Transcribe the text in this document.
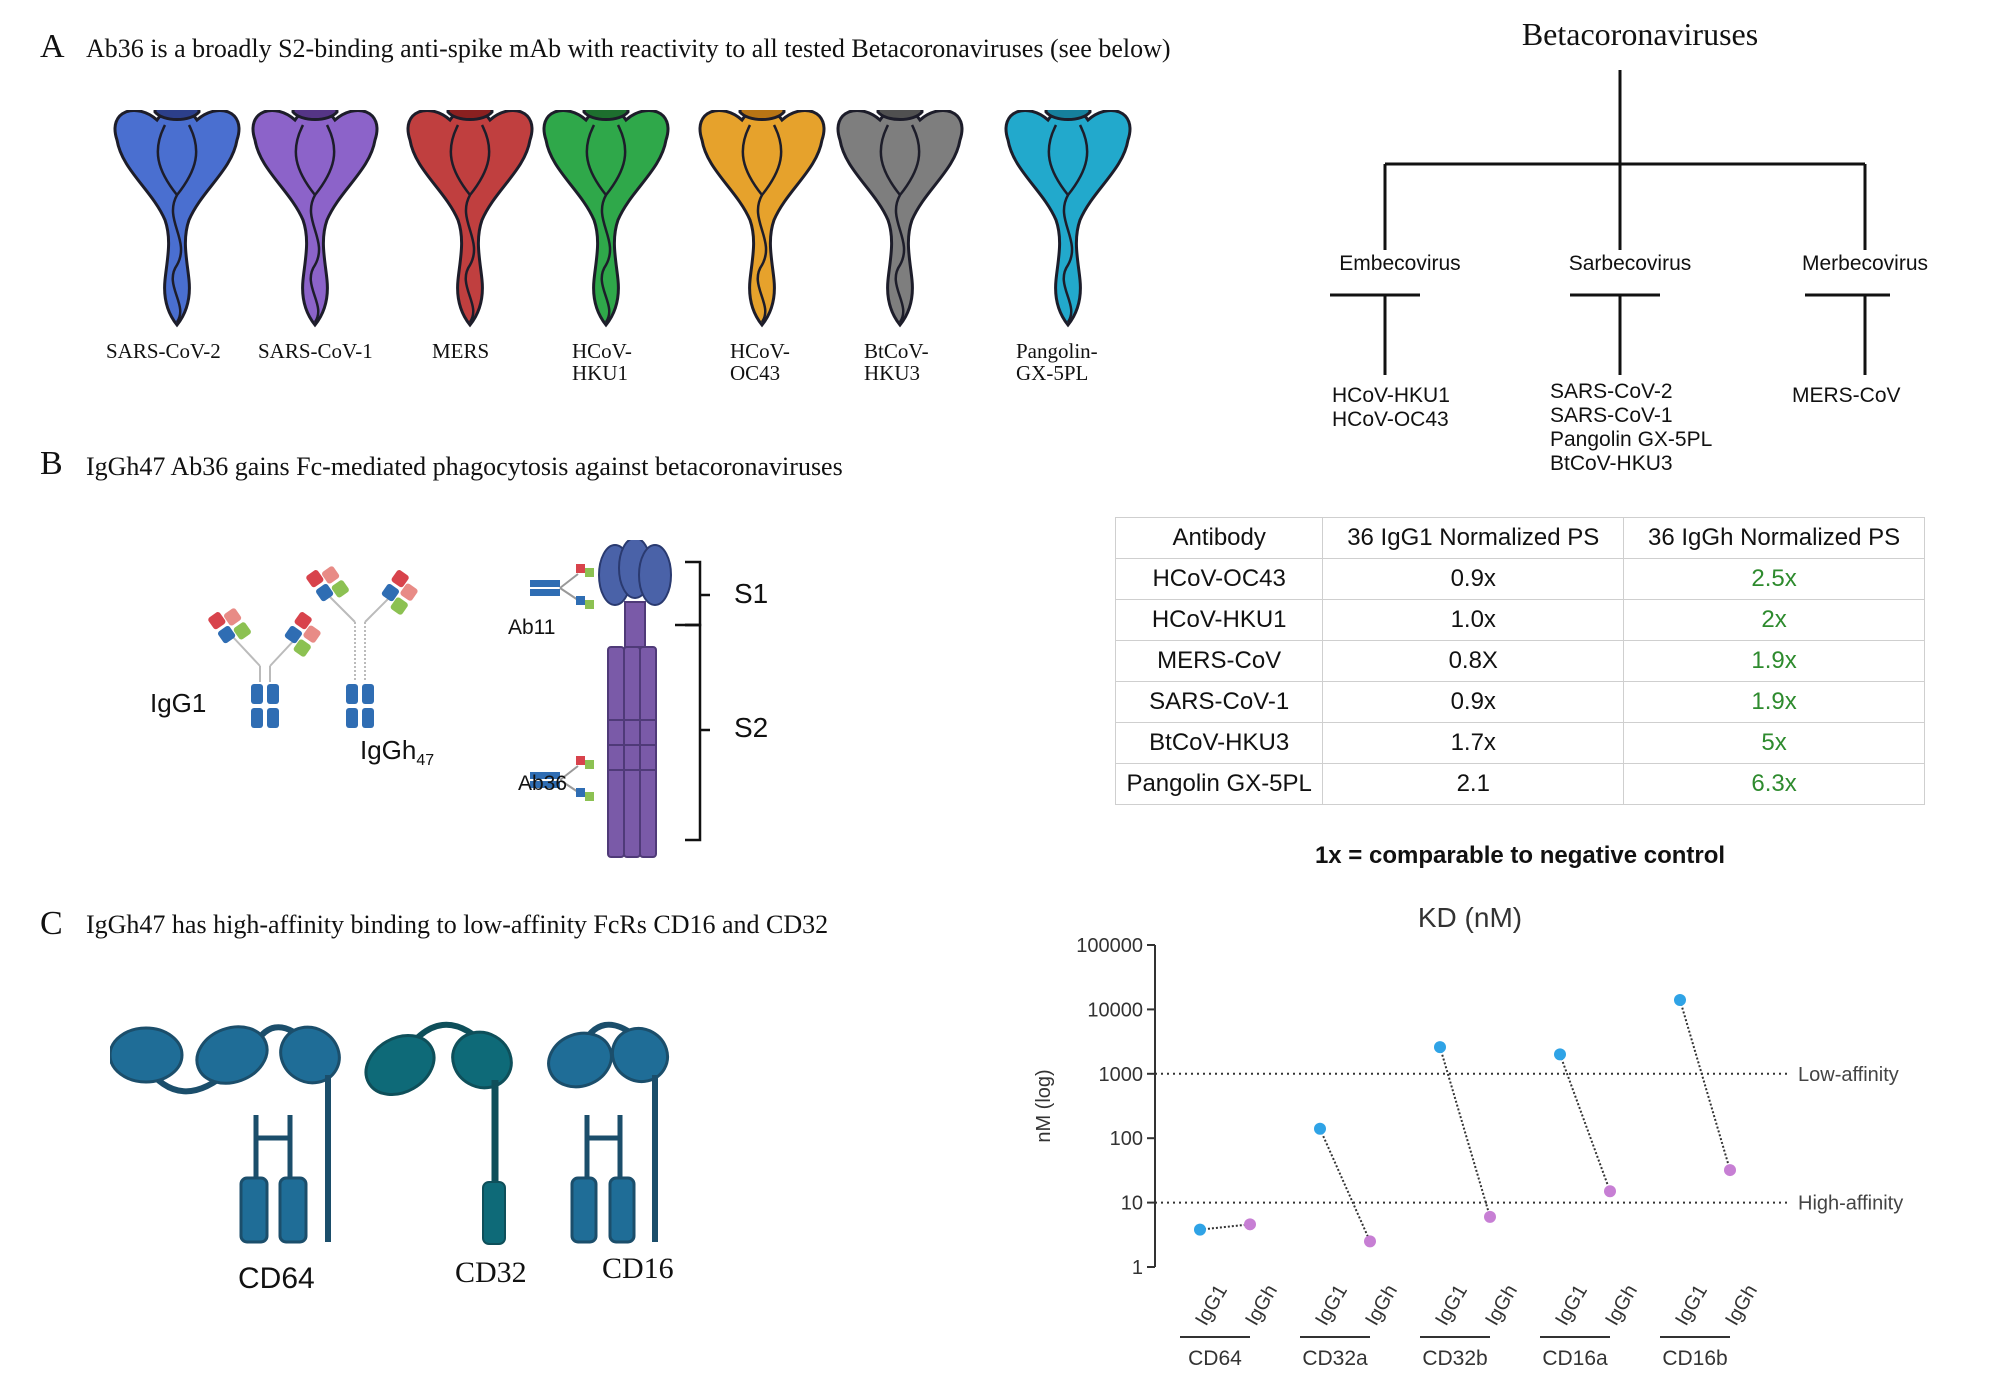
A Ab36 is a broadly S2-binding anti-spike mAb with reactivity to all tested Betacoronaviruses (see below)
SARS-CoV-2 SARS-CoV-1	MERS	HCoV-
HKU1
HCoV-
OC43
BtCoV-
HKU3
Pangolin-
GX-5PL
Betacoronaviruses
Embecovirus	Sarbecovirus	Merbecovirus
HCoV-HKU1
HCoV-OC43
SARS-CoV-2
SARS-CoV-1
Pangolin GX-5PL
BtCoV-HKU3
MERS-CoV
B IgGh47 Ab36 gains Fc-mediated phagocytosis against betacoronaviruses
IgG1
IgGh$_{47}$
Ab11
Ab36
S1
S2
Antibody	36 IgG1 Normalized PS	36 IgGh Normalized PS
HCoV-OC43	0.9x	2.5x
HCoV-HKU1	1.0x	2x
MERS-CoV	0.8X	1.9x
SARS-CoV-1	0.9x	1.9x
BtCoV-HKU3	1.7x	5x
Pangolin GX-5PL	2.1	6.3x
1x = comparable to negative control
C IgGh47 has high-affinity binding to low-affinity FcRs CD16 and CD32
CD64	CD32	CD16
KD (nM)
nM (log)
1
10
100
1000
10000
100000
Low-affinity
High-affinity
IgG1 IgGh
CD64
IgG1 IgGh
CD32a
IgG1 IgGh
CD32b
IgG1 IgGh
CD16a
IgG1 IgGh
CD16b
